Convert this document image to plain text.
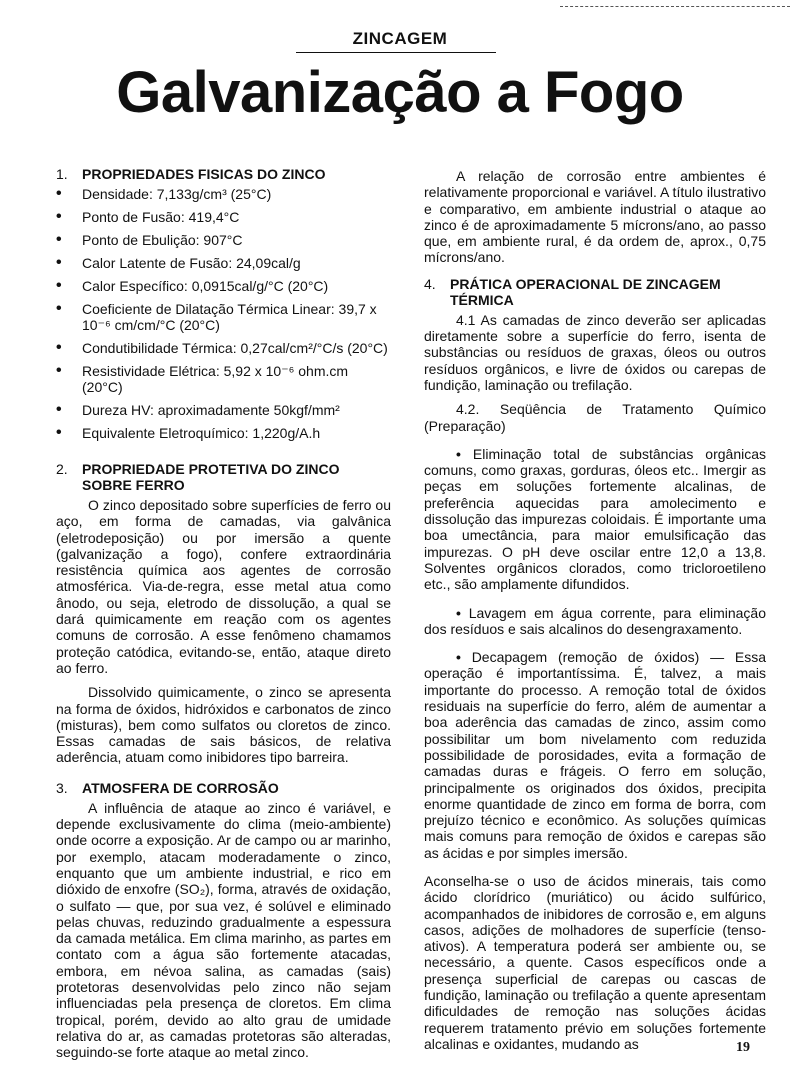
ZINCAGEM
Galvanização a Fogo
1.	PROPRIEDADES FISICAS DO ZINCO
•	Densidade: 7,133g/cm³ (25°C)
•	Ponto de Fusão: 419,4°C
•	Ponto de Ebulição: 907°C
•	Calor Latente de Fusão: 24,09cal/g
•	Calor Específico: 0,0915cal/g/°C (20°C)
•	Coeficiente de Dilatação Térmica Linear: 39,7 x 10⁻⁶ cm/cm/°C (20°C)
•	Condutibilidade Térmica: 0,27cal/cm²/°C/s (20°C)
•	Resistividade Elétrica: 5,92 x 10⁻⁶ ohm.cm (20°C)
•	Dureza HV: aproximadamente 50kgf/mm²
•	Equivalente Eletroquímico: 1,220g/A.h
2.	PROPRIEDADE PROTETIVA DO ZINCO SOBRE FERRO

O zinco depositado sobre superfícies de ferro ou aço, em forma de camadas, via galvânica (eletrodeposição) ou por imersão a quente (galvanização a fogo), confere extraordinária resistência química aos agentes de corrosão atmosférica. Via-de-regra, esse metal atua como ânodo, ou seja, eletrodo de dissolução, a qual se dará quimicamente em reação com os agentes comuns de corrosão. A esse fenômeno chamamos proteção catódica, evitando-se, então, ataque direto ao ferro.

Dissolvido quimicamente, o zinco se apresenta na forma de óxidos, hidróxidos e carbonatos de zinco (misturas), bem como sulfatos ou cloretos de zinco. Essas camadas de sais básicos, de relativa aderência, atuam como inibidores tipo barreira.

3.	ATMOSFERA DE CORROSÃO

A influência de ataque ao zinco é variável, e depende exclusivamente do clima (meio-ambiente) onde ocorre a exposição. Ar de campo ou ar marinho, por exemplo, atacam moderadamente o zinco, enquanto que um ambiente industrial, e rico em dióxido de enxofre (SO₂), forma, através de oxidação, o sulfato — que, por sua vez, é solúvel e eliminado pelas chuvas, reduzindo gradualmente a espessura da camada metálica. Em clima marinho, as partes em contato com a água são fortemente atacadas, embora, em névoa salina, as camadas (sais) protetoras desenvolvidas pelo zinco não sejam influenciadas pela presença de cloretos. Em clima tropical, porém, devido ao alto grau de umidade relativa do ar, as camadas protetoras são alteradas, seguindo-se forte ataque ao metal zinco.

A relação de corrosão entre ambientes é relativamente proporcional e variável. A título ilustrativo e comparativo, em ambiente industrial o ataque ao zinco é de aproximadamente 5 mícrons/ano, ao passo que, em ambiente rural, é da ordem de, aprox., 0,75 mícrons/ano.

4.	PRÁTICA OPERACIONAL DE ZINCAGEM TÉRMICA

4.1 As camadas de zinco deverão ser aplicadas diretamente sobre a superfície do ferro, isenta de substâncias ou resíduos de graxas, óleos ou outros resíduos orgânicos, e livre de óxidos ou carepas de fundição, laminação ou trefilação.

4.2. Seqüência de Tratamento Químico (Preparação)

• Eliminação total de substâncias orgânicas comuns, como graxas, gorduras, óleos etc.. Imergir as peças em soluções fortemente alcalinas, de preferência aquecidas para amolecimento e dissolução das impurezas coloidais. É importante uma boa umectância, para maior emulsificação das impurezas. O pH deve oscilar entre 12,0 a 13,8. Solventes orgânicos clorados, como tricloroetileno etc., são amplamente difundidos.

• Lavagem em água corrente, para eliminação dos resíduos e sais alcalinos do desengraxamento.

• Decapagem (remoção de óxidos) — Essa operação é importantíssima. É, talvez, a mais importante do processo. A remoção total de óxidos residuais na superfície do ferro, além de aumentar a boa aderência das camadas de zinco, assim como possibilitar um bom nivelamento com reduzida possibilidade de porosidades, evita a formação de camadas duras e frágeis. O ferro em solução, principalmente os originados dos óxidos, precipita enorme quantidade de zinco em forma de borra, com prejuízo técnico e econômico. As soluções químicas mais comuns para remoção de óxidos e carepas são as ácidas e por simples imersão.

Aconselha-se o uso de ácidos minerais, tais como ácido clorídrico (muriático) ou ácido sulfúrico, acompanhados de inibidores de corrosão e, em alguns casos, adições de molhadores de superfície (tenso-ativos). A temperatura poderá ser ambiente ou, se necessário, a quente. Casos específicos onde a presença superficial de carepas ou cascas de fundição, laminação ou trefilação a quente apresentam dificuldades de remoção nas soluções ácidas requerem tratamento prévio em soluções fortemente alcalinas e oxidantes, mudando as	19
